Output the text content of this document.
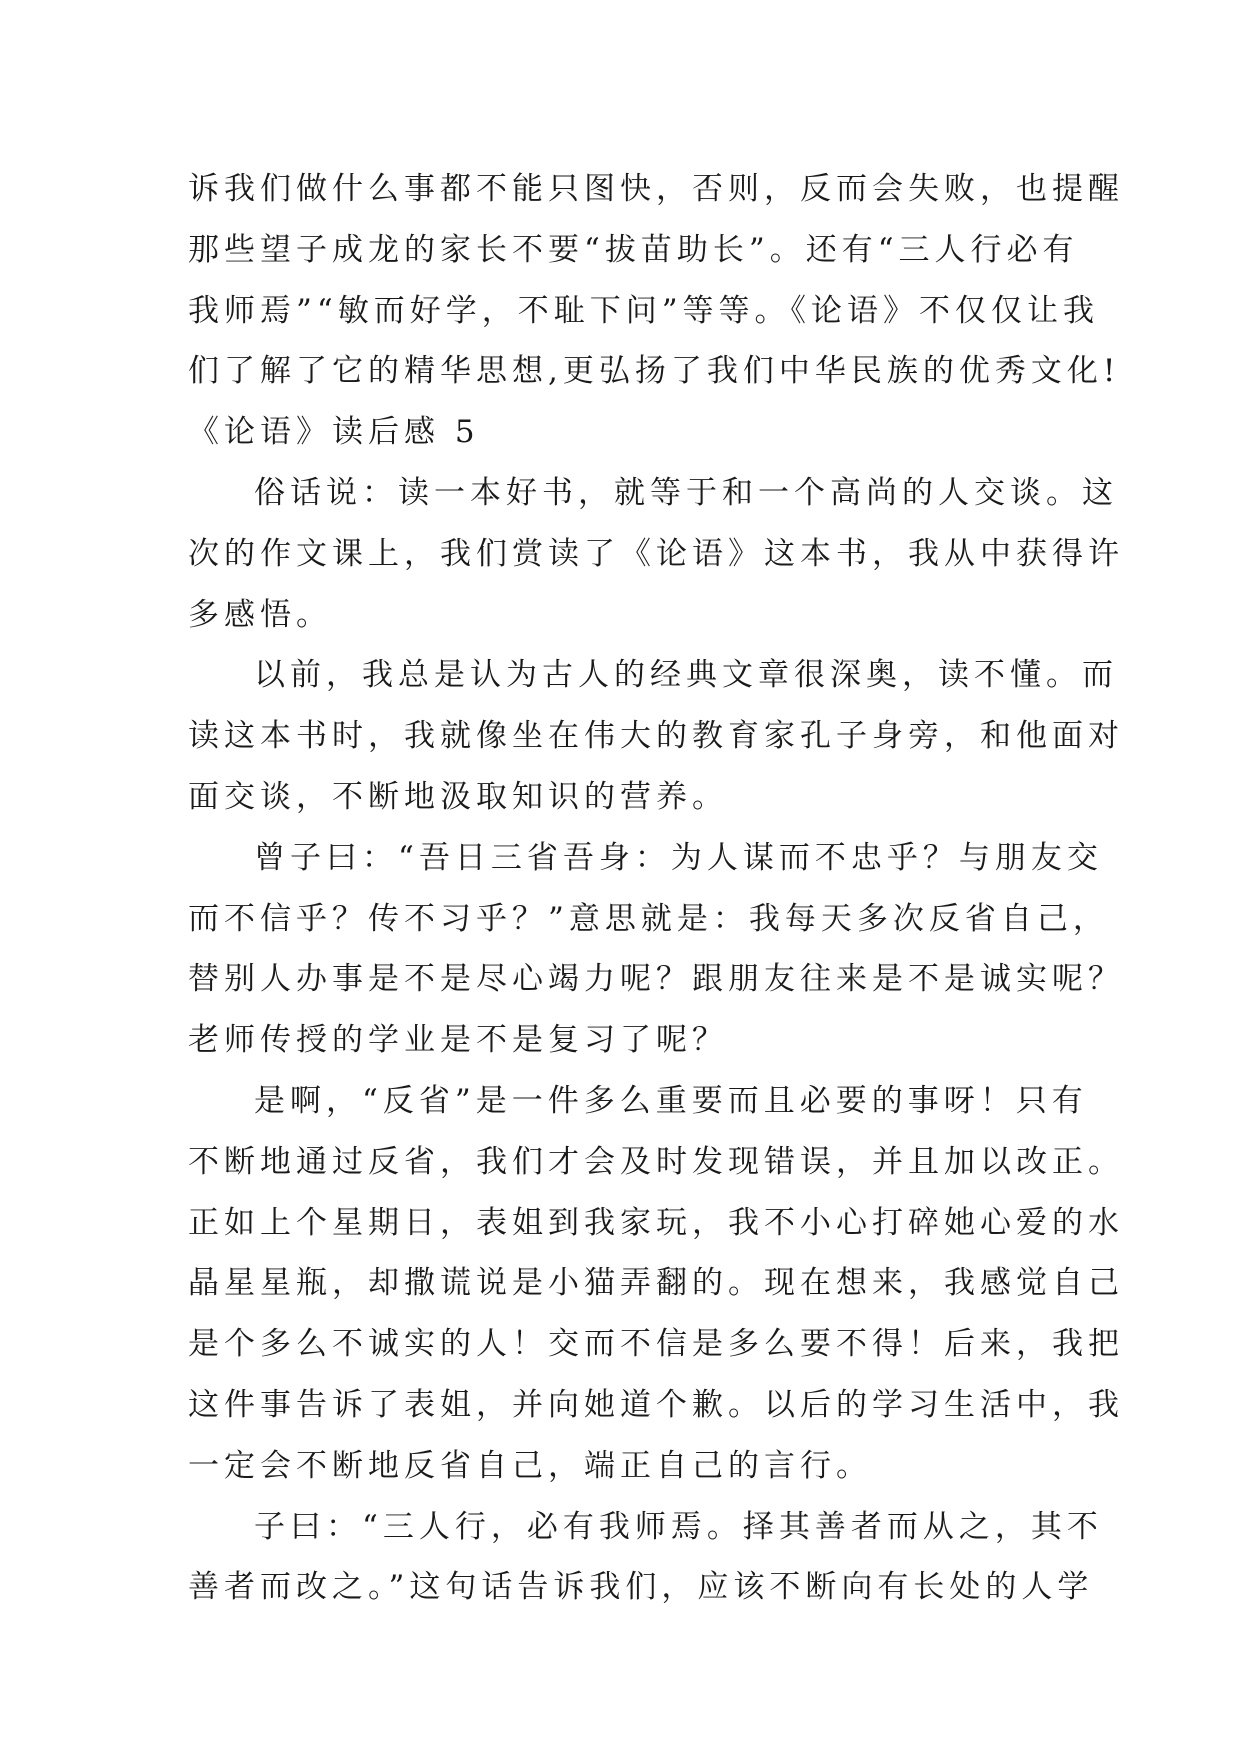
诉我们做什么事都不能只图快，否则，反而会失败，也提醒
那些望子成龙的家长不要“拔苗助长”。还有“三人行必有
我师焉”“敏而好学，不耻下问”等等。《论语》不仅仅让我
们了解了它的精华思想,更弘扬了我们中华民族的优秀文化!
《论语》读后感 5
俗话说：读一本好书，就等于和一个高尚的人交谈。这
次的作文课上，我们赏读了《论语》这本书，我从中获得许
多感悟。
以前，我总是认为古人的经典文章很深奥，读不懂。而
读这本书时，我就像坐在伟大的教育家孔子身旁，和他面对
面交谈，不断地汲取知识的营养。
曾子曰：“吾日三省吾身：为人谋而不忠乎？与朋友交
而不信乎？传不习乎？”意思就是：我每天多次反省自己，
替别人办事是不是尽心竭力呢？跟朋友往来是不是诚实呢？
老师传授的学业是不是复习了呢？
是啊，“反省”是一件多么重要而且必要的事呀！只有
不断地通过反省，我们才会及时发现错误，并且加以改正。
正如上个星期日，表姐到我家玩，我不小心打碎她心爱的水
晶星星瓶，却撒谎说是小猫弄翻的。现在想来，我感觉自己
是个多么不诚实的人！交而不信是多么要不得！后来，我把
这件事告诉了表姐，并向她道个歉。以后的学习生活中，我
一定会不断地反省自己，端正自己的言行。
子曰：“三人行，必有我师焉。择其善者而从之，其不
善者而改之。”这句话告诉我们，应该不断向有长处的人学
